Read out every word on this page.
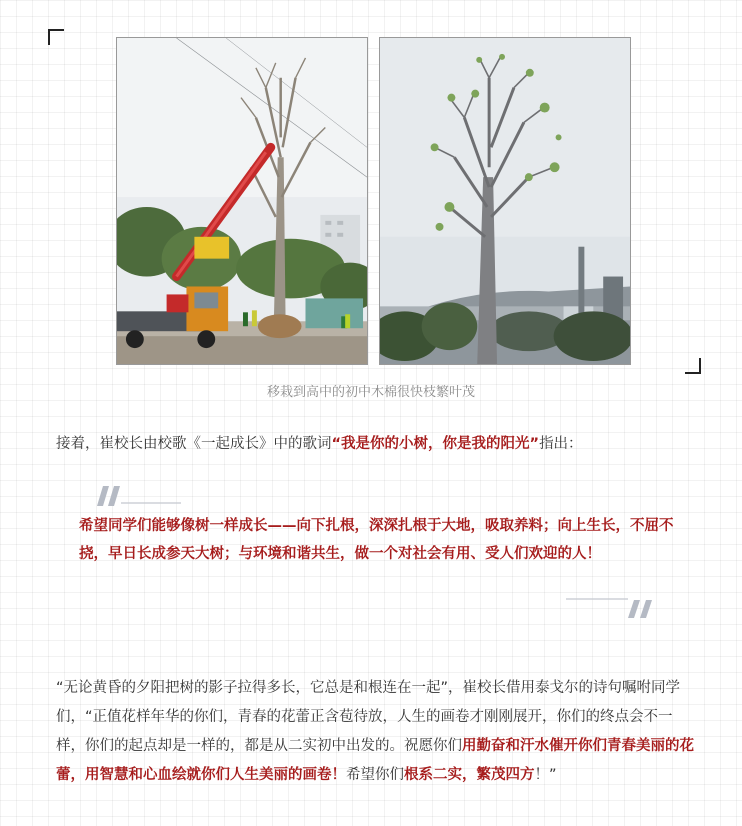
移栽到高中的初中木棉很快枝繁叶茂

接着，崔校长由校歌《一起成长》中的歌词“我是你的小树，你是我的阳光”指出：

希望同学们能够像树一样成长——向下扎根，深深扎根于大地，吸取养料；向上生长，不屈不挠，早日长成参天大树；与环境和谐共生，做一个对社会有用、受人们欢迎的人！

“无论黄昏的夕阳把树的影子拉得多长，它总是和根连在一起”，崔校长借用泰戈尔的诗句嘱咐同学们，“正值花样年华的你们，青春的花蕾正含苞待放，人生的画卷才刚刚展开，你们的终点会不一样，你们的起点却是一样的，都是从二实初中出发的。祝愿你们用勤奋和汗水催开你们青春美丽的花蕾，用智慧和心血绘就你们人生美丽的画卷！希望你们根系二实，繁茂四方！”
